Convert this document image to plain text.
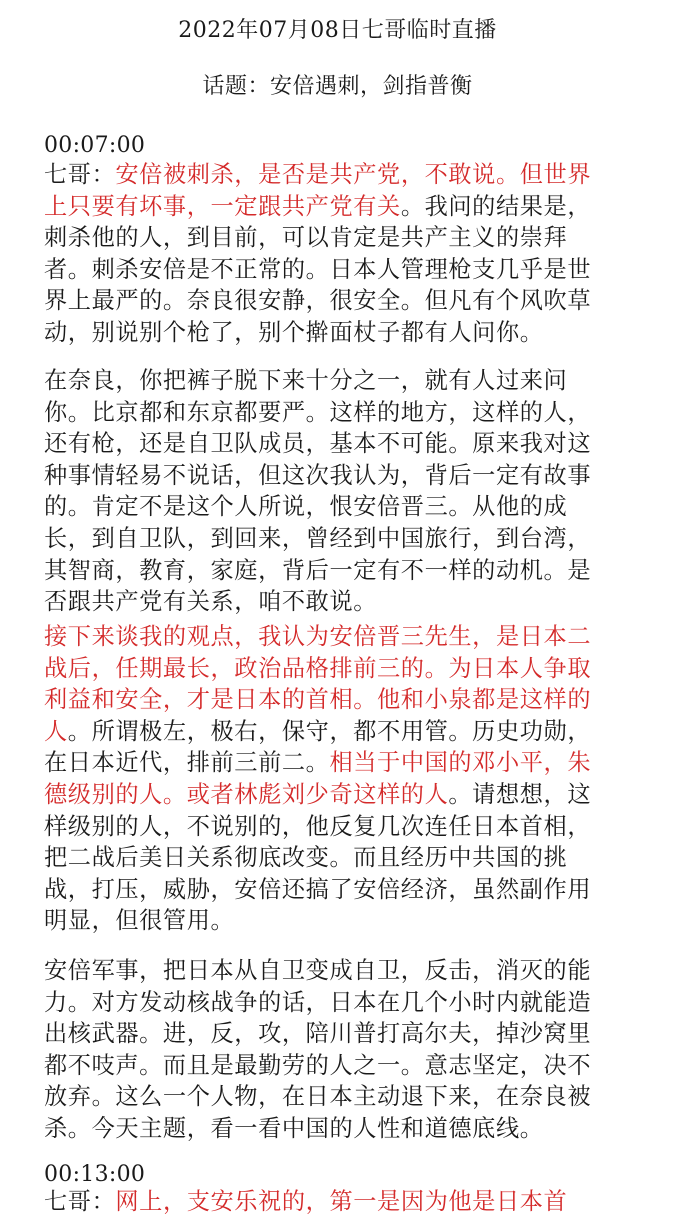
2022年07月08日七哥临时直播
话题：安倍遇刺，剑指普衡
00:07:00
七哥：安倍被刺杀，是否是共产党，不敢说。但世界
上只要有坏事，一定跟共产党有关。我问的结果是，
刺杀他的人，到目前，可以肯定是共产主义的崇拜
者。刺杀安倍是不正常的。日本人管理枪支几乎是世
界上最严的。奈良很安静，很安全。但凡有个风吹草
动，别说别个枪了，别个擀面杖子都有人问你。
在奈良，你把裤子脱下来十分之一，就有人过来问
你。比京都和东京都要严。这样的地方，这样的人，
还有枪，还是自卫队成员，基本不可能。原来我对这
种事情轻易不说话，但这次我认为，背后一定有故事
的。肯定不是这个人所说，恨安倍晋三。从他的成
长，到自卫队，到回来，曾经到中国旅行，到台湾，
其智商，教育，家庭，背后一定有不一样的动机。是
否跟共产党有关系，咱不敢说。
接下来谈我的观点，我认为安倍晋三先生，是日本二
战后，任期最长，政治品格排前三的。为日本人争取
利益和安全，才是日本的首相。他和小泉都是这样的
人。所谓极左，极右，保守，都不用管。历史功勋，
在日本近代，排前三前二。相当于中国的邓小平，朱
德级别的人。或者林彪刘少奇这样的人。请想想，这
样级别的人，不说别的，他反复几次连任日本首相，
把二战后美日关系彻底改变。而且经历中共国的挑
战，打压，威胁，安倍还搞了安倍经济，虽然副作用
明显，但很管用。
安倍军事，把日本从自卫变成自卫，反击，消灭的能
力。对方发动核战争的话，日本在几个小时内就能造
出核武器。进，反，攻，陪川普打高尔夫，掉沙窝里
都不吱声。而且是最勤劳的人之一。意志坚定，决不
放弃。这么一个人物，在日本主动退下来，在奈良被
杀。今天主题，看一看中国的人性和道德底线。
00:13:00
七哥：网上，支安乐祝的，第一是因为他是日本首
